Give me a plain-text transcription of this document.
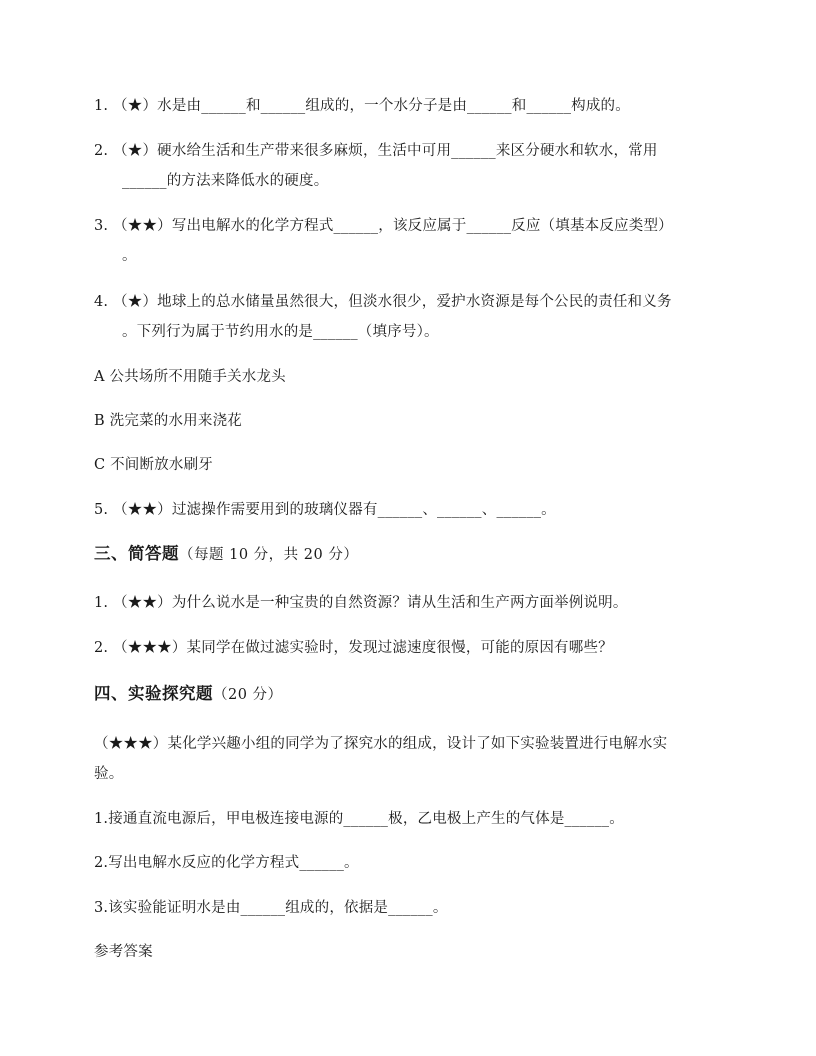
1. （★）水是由______和______组成的，一个水分子是由______和______构成的。
2. （★）硬水给生活和生产带来很多麻烦，生活中可用______来区分硬水和软水，常用
______的方法来降低水的硬度。
3. （★★）写出电解水的化学方程式______，该反应属于______反应（填基本反应类型）
。
4. （★）地球上的总水储量虽然很大，但淡水很少，爱护水资源是每个公民的责任和义务
。下列行为属于节约用水的是______（填序号）。
A 公共场所不用随手关水龙头
B 洗完菜的水用来浇花
C 不间断放水刷牙
5. （★★）过滤操作需要用到的玻璃仪器有______、______、______。
三、简答题（每题 10 分，共 20 分）
1. （★★）为什么说水是一种宝贵的自然资源？请从生活和生产两方面举例说明。
2. （★★★）某同学在做过滤实验时，发现过滤速度很慢，可能的原因有哪些？
四、实验探究题（20 分）
（★★★）某化学兴趣小组的同学为了探究水的组成，设计了如下实验装置进行电解水实
验。
1.接通直流电源后，甲电极连接电源的______极，乙电极上产生的气体是______。
2.写出电解水反应的化学方程式______。
3.该实验能证明水是由______组成的，依据是______。
参考答案
